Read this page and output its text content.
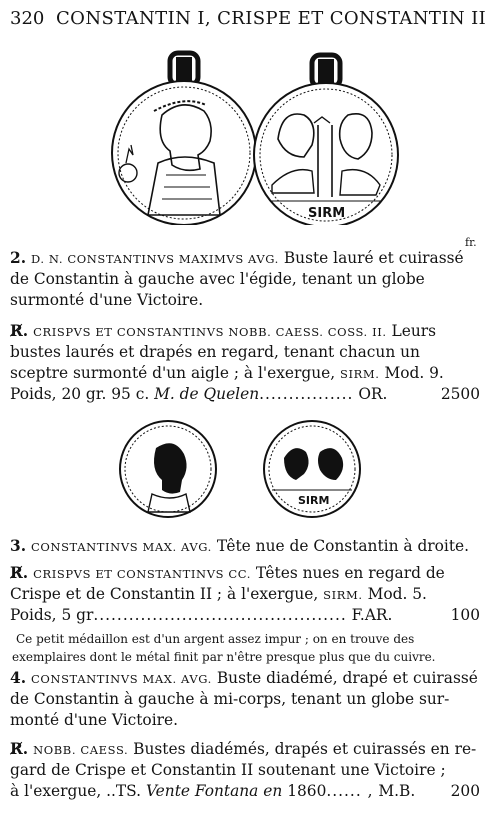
320 CONSTANTIN I, CRISPE ET CONSTANTIN II
SIRM
fr.
2. D. N. CONSTANTINVS MAXIMVS AVG. Buste lauré et cuirassé
de Constantin à gauche avec l'égide, tenant un globe
surmonté d'une Victoire.
R̸. CRISPVS ET CONSTANTINVS NOBB. CAESS. COSS. II. Leurs
bustes laurés et drapés en regard, tenant chacun un
sceptre surmonté d'un aigle ; à l'exergue, SIRM. Mod. 9.
Poids, 20 gr. 95 c. M. de Quelen................ OR.	2500
SIRM
3. CONSTANTINVS MAX. AVG. Tête nue de Constantin à droite.
R̸. CRISPVS ET CONSTANTINVS CC. Têtes nues en regard de
Crispe et de Constantin II ; à l'exergue, SIRM. Mod. 5.
Poids, 5 gr........................................... F.AR.	100
Ce petit médaillon est d'un argent assez impur ; on en trouve des
exemplaires dont le métal finit par n'être presque plus que du cuivre.
4. CONSTANTINVS MAX. AVG. Buste diadémé, drapé et cuirassé
de Constantin à gauche à mi-corps, tenant un globe sur-
monté d'une Victoire.
R̸. NOBB. CAESS. Bustes diadémés, drapés et cuirassés en re-
gard de Crispe et Constantin II soutenant une Victoire ;
à l'exergue, ..TS. Vente Fontana en 1860...... , M.B. 200
